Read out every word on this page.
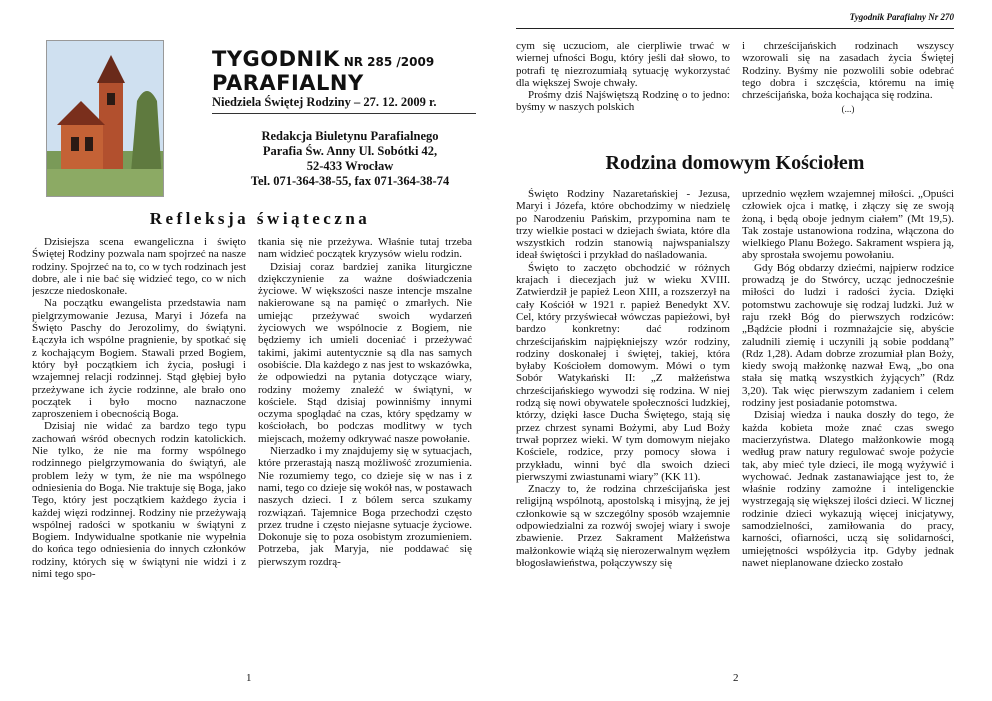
Tygodnik Parafialny Nr 270
TYGODNIK NR 285 /2009
PARAFIALNY
Niedziela Świętej Rodziny – 27. 12. 2009 r.
Redakcja Biuletynu Parafialnego
Parafia Św. Anny Ul. Sobótki 42,
52-433 Wrocław
Tel. 071-364-38-55, fax 071-364-38-74
Refleksja świąteczna

Dzisiejsza scena ewangeliczna i święto Świętej Rodziny pozwala nam spojrzeć na nasze rodziny. Spojrzeć na to, co w tych rodzinach jest dobre, ale i nie bać się widzieć tego, co w nich jeszcze niedoskonałe.

Na początku ewangelista przedstawia nam pielgrzymowanie Jezusa, Maryi i Józefa na Święto Paschy do Jerozolimy, do świątyni. Łączyła ich wspólne pragnienie, by spotkać się z kochającym Bogiem. Stawali przed Bogiem, który był początkiem ich życia, posługi i wzajemnej relacji rodzinnej. Stąd głębiej było przeżywane ich życie rodzinne, ale brało ono początek i było mocno naznaczone zaproszeniem i obecnością Boga.

Dzisiaj nie widać za bardzo tego typu zachowań wśród obecnych rodzin katolickich. Nie tylko, że nie ma formy wspólnego rodzinnego pielgrzymowania do świątyń, ale problem leży w tym, że nie ma wspólnego odniesienia do Boga. Nie traktuje się Boga, jako Tego, który jest początkiem każdego życia i każdej więzi rodzinnej. Rodziny nie przeżywają wspólnej radości w spotkaniu w świątyni z Bogiem. Indywidualne spotkanie nie wypełnia do końca tego odniesienia do innych członków rodziny, których się w świątyni nie widzi i z nimi tego spo-

tkania się nie przeżywa. Właśnie tutaj trzeba nam widzieć początek kryzysów wielu rodzin.

Dzisiaj coraz bardziej zanika liturgiczne dziękczynienie za ważne doświadczenia życiowe. W większości nasze intencje mszalne nakierowane są na pamięć o zmarłych. Nie umiejąc przeżywać swoich wydarzeń życiowych we wspólnocie z Bogiem, nie będziemy ich umieli doceniać i przeżywać takimi, jakimi autentycznie są dla nas samych osobiście. Dla każdego z nas jest to wskazówka, że odpowiedzi na pytania dotyczące wiary, rodziny możemy znaleźć w świątyni, w kościele. Stąd dzisiaj powinniśmy innymi oczyma spoglądać na czas, który spędzamy w kościołach, bo podczas modlitwy w tych miejscach, możemy odkrywać nasze powołanie.

Nierzadko i my znajdujemy się w sytuacjach, które przerastają naszą możliwość zrozumienia. Nie rozumiemy tego, co dzieje się w nas i z nami, tego co dzieje się wokół nas, w postawach naszych dzieci. I z bólem serca szukamy rozwiązań. Tajemnice Boga przechodzi często przez trudne i często niejasne sytuacje życiowe. Dokonuje się to poza osobistym zrozumieniem. Potrzeba, jak Maryja, nie poddawać się pierwszym rozdrą-

cym się uczuciom, ale cierpliwie trwać w wiernej ufności Bogu, który jeśli dał słowo, to potrafi tę niezrozumiałą sytuację wykorzystać dla większej Swoje chwały.

Prośmy dziś Najświętszą Rodzinę o to jedno: byśmy w naszych polskich

i chrześcijańskich rodzinach wszyscy wzorowali się na zasadach życia Świętej Rodziny. Byśmy nie pozwolili sobie odebrać tego dobra i szczęścia, któremu na imię chrześcijańska, boża kochająca się rodzina.

(...)

Rodzina domowym Kościołem

Święto Rodziny Nazaretańskiej - Jezusa, Maryi i Józefa, które obchodzimy w niedzielę po Narodzeniu Pańskim, przypomina nam te trzy wielkie postaci w dziejach świata, które dla wszystkich rodzin stanowią najwspanialszy ideał świętości i przykład do naśladowania.

Święto to zaczęto obchodzić w różnych krajach i diecezjach już w wieku XVIII. Zatwierdził je papież Leon XIII, a rozszerzył na cały Kościół w 1921 r. papież Benedykt XV. Cel, który przyświecał wówczas papieżowi, był bardzo konkretny: dać rodzinom chrześcijańskim najpiękniejszy wzór rodziny, rodziny doskonałej i świętej, takiej, która byłaby Kościołem domowym. Mówi o tym Sobór Watykański II: „Z małżeństwa chrześcijańskiego wywodzi się rodzina. W niej rodzą się nowi obywatele społeczności ludzkiej, którzy, dzięki łasce Ducha Świętego, stają się przez chrzest synami Bożymi, aby Lud Boży trwał poprzez wieki. W tym domowym niejako Kościele, rodzice, przy pomocy słowa i przykładu, winni być dla swoich dzieci pierwszymi zwiastunami wiary” (KK 11).

Znaczy to, że rodzina chrześcijańska jest religijną wspólnotą, apostolską i misyjną, że jej członkowie są w szczególny sposób wzajemnie odpowiedzialni za rozwój swojej wiary i swoje zbawienie. Przez Sakrament Małżeństwa małżonkowie wiążą się nierozerwalnym węzłem błogosławieństwa, połączywszy się

uprzednio węzłem wzajemnej miłości. „Opuści człowiek ojca i matkę, i złączy się ze swoją żoną, i będą oboje jednym ciałem” (Mt 19,5). Tak zostaje ustanowiona rodzina, włączona do wielkiego Planu Bożego. Sakrament wspiera ją, aby sprostała swojemu powołaniu.

Gdy Bóg obdarzy dziećmi, najpierw rodzice prowadzą je do Stwórcy, ucząc jednocześnie miłości do ludzi i radości życia. Dzięki potomstwu zachowuje się rodzaj ludzki. Już w raju rzekł Bóg do pierwszych rodziców: „Bądźcie płodni i rozmnażajcie się, abyście zaludnili ziemię i uczynili ją sobie poddaną” (Rdz 1,28). Adam dobrze zrozumiał plan Boży, kiedy swoją małżonkę nazwał Ewą, „bo ona stała się matką wszystkich żyjących” (Rdz 3,20). Tak więc pierwszym zadaniem i celem rodziny jest posiadanie potomstwa.

Dzisiaj wiedza i nauka doszły do tego, że każda kobieta może znać czas swego macierzyństwa. Dlatego małżonkowie mogą według praw natury regulować swoje pożycie tak, aby mieć tyle dzieci, ile mogą wyżywić i wychować. Jednak zastanawiające jest to, że właśnie rodziny zamożne i inteligenckie wystrzegają się większej ilości dzieci. W licznej rodzinie dzieci wykazują więcej inicjatywy, samodzielności, zamiłowania do pracy, karności, ofiarności, uczą się solidarności, umiejętności współżycia itp. Gdyby jednak nawet nieplanowane dziecko zostało

1	2
